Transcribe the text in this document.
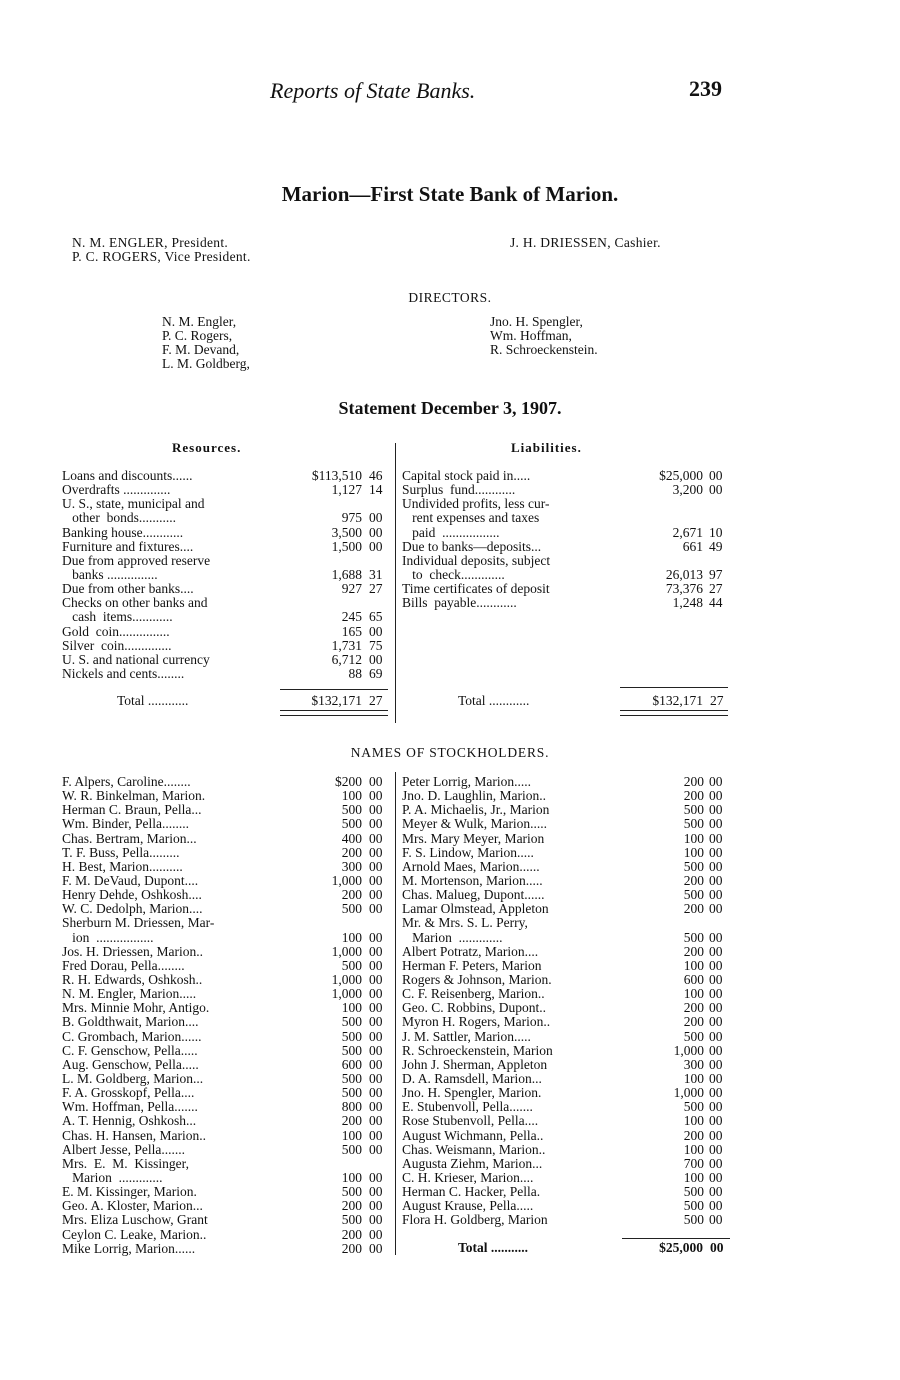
Reports of State Banks.	239
Marion—First State Bank of Marion.
N. M. ENGLER, President.
P. C. ROGERS, Vice President.
J. H. DRIESSEN, Cashier.
DIRECTORS.
N. M. Engler,
P. C. Rogers,
F. M. Devand,
L. M. Goldberg,
Jno. H. Spengler,
Wm. Hoffman,
R. Schroeckenstein.
Statement December 3, 1907.
Resources.	Liabilities.
Loans and discounts......	$113,510 46
Overdrafts ..............	1,127 14
U. S., state, municipal and
other  bonds...........	975 00
Banking house............	3,500 00
Furniture and fixtures....	1,500 00
Due from approved reserve
banks ...............	1,688 31
Due from other banks....	927 27
Checks on other banks and
cash  items............	245 65
Gold  coin...............	165 00
Silver  coin..............	1,731 75
U. S. and national currency	6,712 00
Nickels and cents........	88 69
Capital stock paid in.....	$25,000 00
Surplus  fund............	3,200 00
Undivided profits, less cur-
rent expenses and taxes
paid  .................	2,671 10
Due to banks—deposits...	661 49
Individual deposits, subject
to  check.............	26,013 97
Time certificates of deposit	73,376 27
Bills  payable............	1,248 44
Total ............	$132,171 27	Total ............	$132,171 27
NAMES OF STOCKHOLDERS.
F. Alpers, Caroline........	$200 00
W. R. Binkelman, Marion.	100 00
Herman C. Braun, Pella...	500 00
Wm. Binder, Pella........	500 00
Chas. Bertram, Marion...	400 00
T. F. Buss, Pella.........	200 00
H. Best, Marion..........	300 00
F. M. DeVaud, Dupont....	1,000 00
Henry Dehde, Oshkosh....	200 00
W. C. Dedolph, Marion....	500 00
Sherburn M. Driessen, Mar-
ion  .................	100 00
Jos. H. Driessen, Marion..	1,000 00
Fred Dorau, Pella........	500 00
R. H. Edwards, Oshkosh..	1,000 00
N. M. Engler, Marion.....	1,000 00
Mrs. Minnie Mohr, Antigo.	100 00
B. Goldthwait, Marion....	500 00
C. Grombach, Marion......	500 00
C. F. Genschow, Pella.....	500 00
Aug. Genschow, Pella.....	600 00
L. M. Goldberg, Marion...	500 00
F. A. Grosskopf, Pella....	500 00
Wm. Hoffman, Pella.......	800 00
A. T. Hennig, Oshkosh...	200 00
Chas. H. Hansen, Marion..	100 00
Albert Jesse, Pella.......	500 00
Mrs.  E.  M.  Kissinger,
Marion  .............	100 00
E. M. Kissinger, Marion.	500 00
Geo. A. Kloster, Marion...	200 00
Mrs. Eliza Luschow, Grant	500 00
Ceylon C. Leake, Marion..	200 00
Mike Lorrig, Marion......	200 00
Peter Lorrig, Marion.....	200 00
Jno. D. Laughlin, Marion..	200 00
P. A. Michaelis, Jr., Marion	500 00
Meyer & Wulk, Marion.....	500 00
Mrs. Mary Meyer, Marion	100 00
F. S. Lindow, Marion.....	100 00
Arnold Maes, Marion......	500 00
M. Mortenson, Marion.....	200 00
Chas. Malueg, Dupont......	500 00
Lamar Olmstead, Appleton	200 00
Mr. & Mrs. S. L. Perry,
Marion  .............	500 00
Albert Potratz, Marion....	200 00
Herman F. Peters, Marion	100 00
Rogers & Johnson, Marion.	600 00
C. F. Reisenberg, Marion..	100 00
Geo. C. Robbins, Dupont..	200 00
Myron H. Rogers, Marion..	200 00
J. M. Sattler, Marion.....	500 00
R. Schroeckenstein, Marion	1,000 00
John J. Sherman, Appleton	300 00
D. A. Ramsdell, Marion...	100 00
Jno. H. Spengler, Marion.	1,000 00
E. Stubenvoll, Pella.......	500 00
Rose Stubenvoll, Pella....	100 00
August Wichmann, Pella..	200 00
Chas. Weismann, Marion..	100 00
Augusta Ziehm, Marion...	700 00
C. H. Krieser, Marion....	100 00
Herman C. Hacker, Pella.	500 00
August Krause, Pella.....	500 00
Flora H. Goldberg, Marion	500 00
Total ...........	$25,000 00
